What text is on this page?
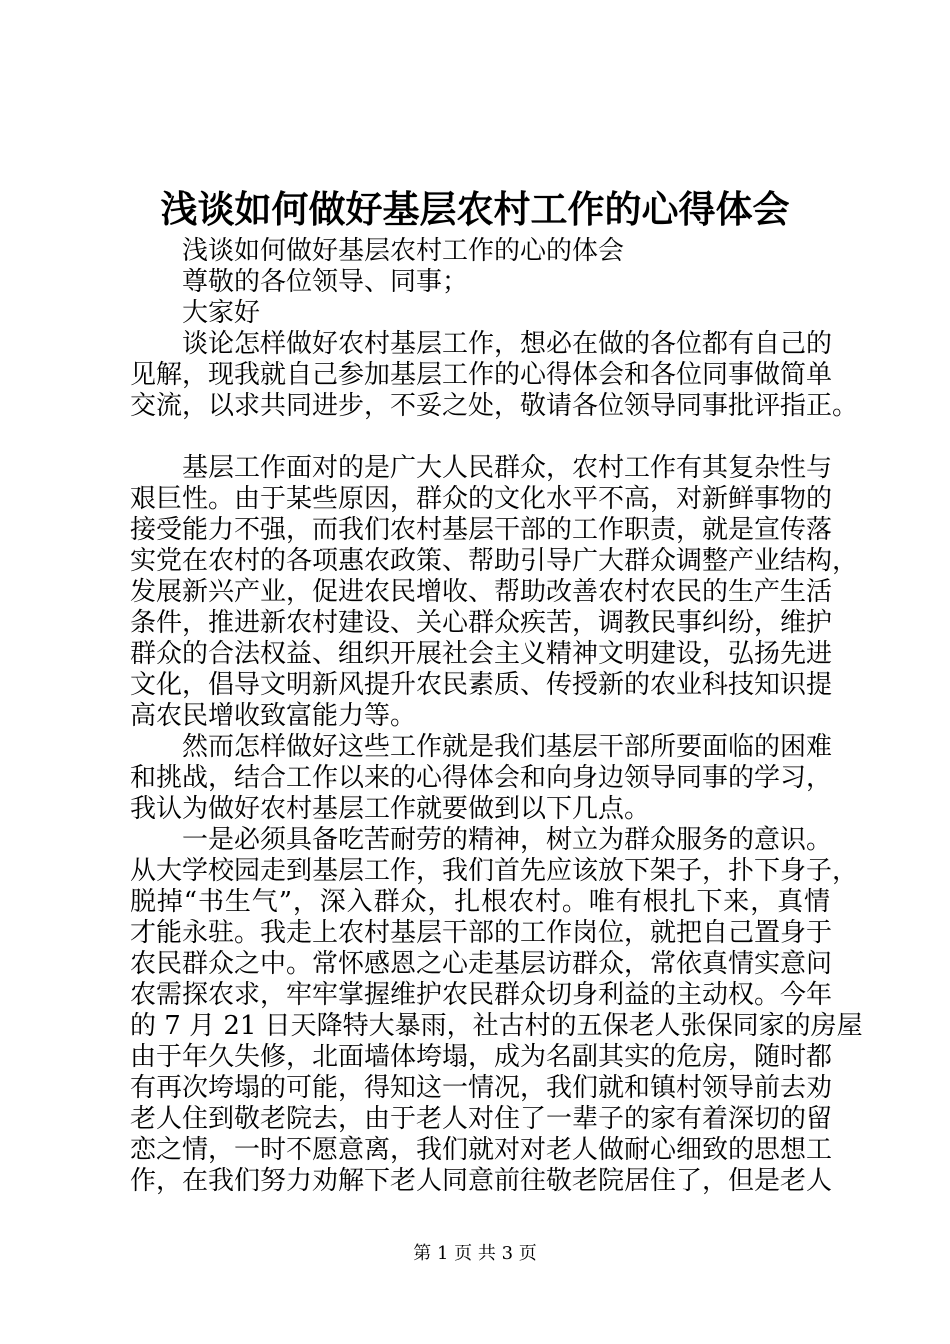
浅谈如何做好基层农村工作的心得体会
浅谈如何做好基层农村工作的心的体会
尊敬的各位领导、同事；
大家好
谈论怎样做好农村基层工作，想必在做的各位都有自己的
见解，现我就自己参加基层工作的心得体会和各位同事做简单
交流，以求共同进步，不妥之处，敬请各位领导同事批评指正。
基层工作面对的是广大人民群众，农村工作有其复杂性与
艰巨性。由于某些原因，群众的文化水平不高，对新鲜事物的
接受能力不强，而我们农村基层干部的工作职责，就是宣传落
实党在农村的各项惠农政策、帮助引导广大群众调整产业结构，
发展新兴产业，促进农民增收、帮助改善农村农民的生产生活
条件，推进新农村建设、关心群众疾苦，调教民事纠纷，维护
群众的合法权益、组织开展社会主义精神文明建设，弘扬先进
文化，倡导文明新风提升农民素质、传授新的农业科技知识提
高农民增收致富能力等。
然而怎样做好这些工作就是我们基层干部所要面临的困难
和挑战，结合工作以来的心得体会和向身边领导同事的学习，
我认为做好农村基层工作就要做到以下几点。
一是必须具备吃苦耐劳的精神，树立为群众服务的意识。
从大学校园走到基层工作，我们首先应该放下架子，扑下身子，
脱掉“书生气”，深入群众，扎根农村。唯有根扎下来，真情
才能永驻。我走上农村基层干部的工作岗位，就把自己置身于
农民群众之中。常怀感恩之心走基层访群众，常依真情实意问
农需探农求，牢牢掌握维护农民群众切身利益的主动权。今年
的 7 月 21 日天降特大暴雨，社古村的五保老人张保同家的房屋
由于年久失修，北面墙体垮塌，成为名副其实的危房，随时都
有再次垮塌的可能，得知这一情况，我们就和镇村领导前去劝
老人住到敬老院去，由于老人对住了一辈子的家有着深切的留
恋之情，一时不愿意离，我们就对对老人做耐心细致的思想工
作，在我们努力劝解下老人同意前往敬老院居住了，但是老人
第 1 页 共 3 页
